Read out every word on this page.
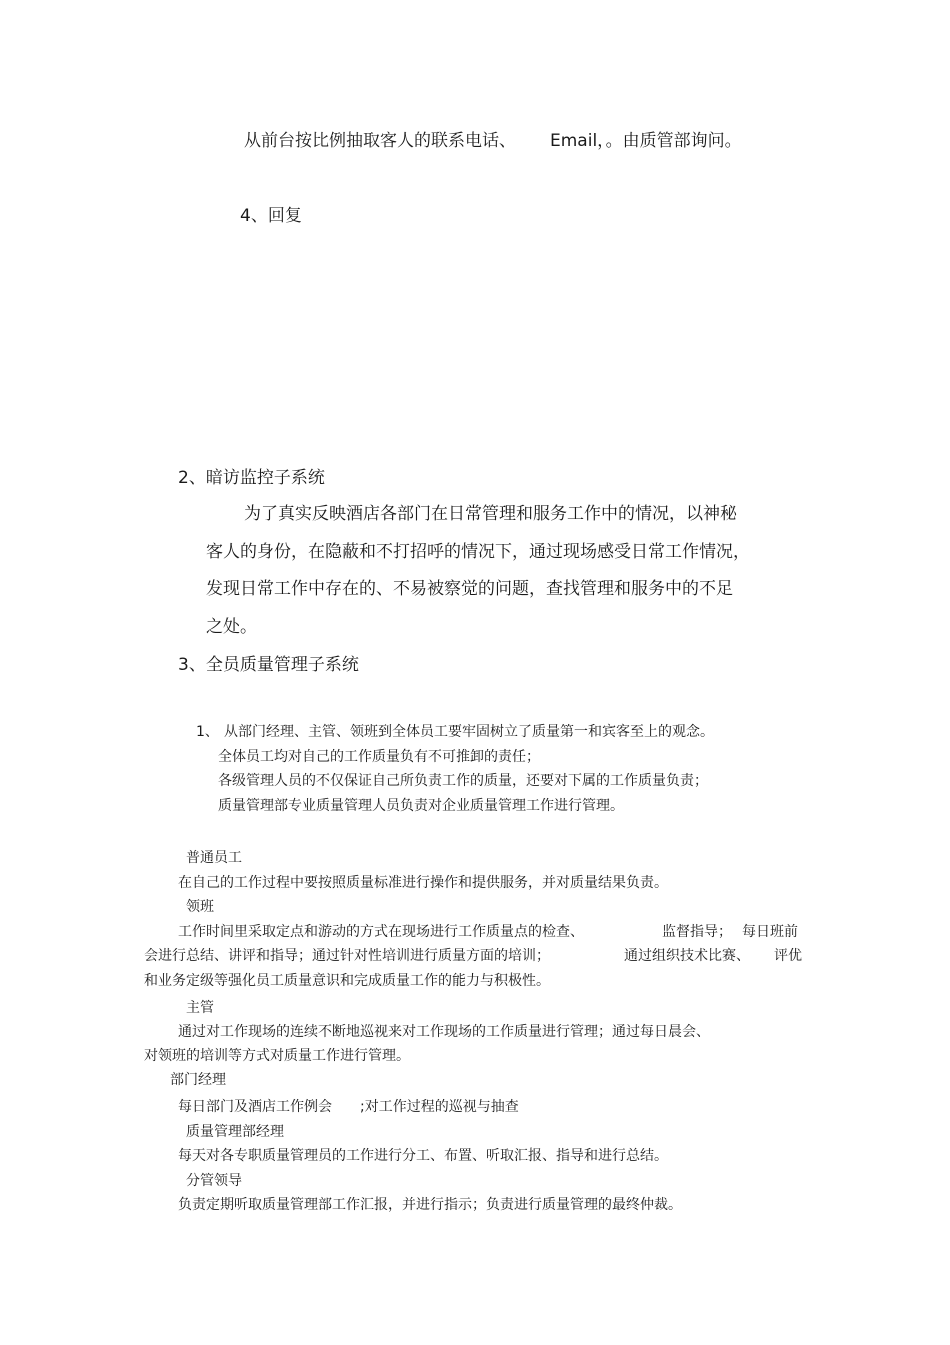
从前台按比例抽取客人的联系电话、 Email，。由质管部询问。

4、回复

2、暗访监控子系统

为了真实反映酒店各部门在日常管理和服务工作中的情况，以神秘

客人的身份，在隐蔽和不打招呼的情况下，通过现场感受日常工作情况，

发现日常工作中存在的、不易被察觉的问题，查找管理和服务中的不足

之处。

3、全员质量管理子系统

1、 从部门经理、主管、领班到全体员工要牢固树立了质量第一和宾客至上的观念。

全体员工均对自己的工作质量负有不可推卸的责任；

各级管理人员的不仅保证自己所负责工作的质量，还要对下属的工作质量负责；

质量管理部专业质量管理人员负责对企业质量管理工作进行管理。

普通员工

在自己的工作过程中要按照质量标准进行操作和提供服务，并对质量结果负责。

领班

工作时间里采取定点和游动的方式在现场进行工作质量点的检查、	监督指导； 每日班前

会进行总结、讲评和指导；通过针对性培训进行质量方面的培训；	通过组织技术比赛、 评优

和业务定级等强化员工质量意识和完成质量工作的能力与积极性。

主管

通过对工作现场的连续不断地巡视来对工作现场的工作质量进行管理；通过每日晨会、

对领班的培训等方式对质量工作进行管理。

部门经理

每日部门及酒店工作例会 ;对工作过程的巡视与抽查

质量管理部经理

每天对各专职质量管理员的工作进行分工、布置、听取汇报、指导和进行总结。

分管领导

负责定期听取质量管理部工作汇报，并进行指示；负责进行质量管理的最终仲裁。
